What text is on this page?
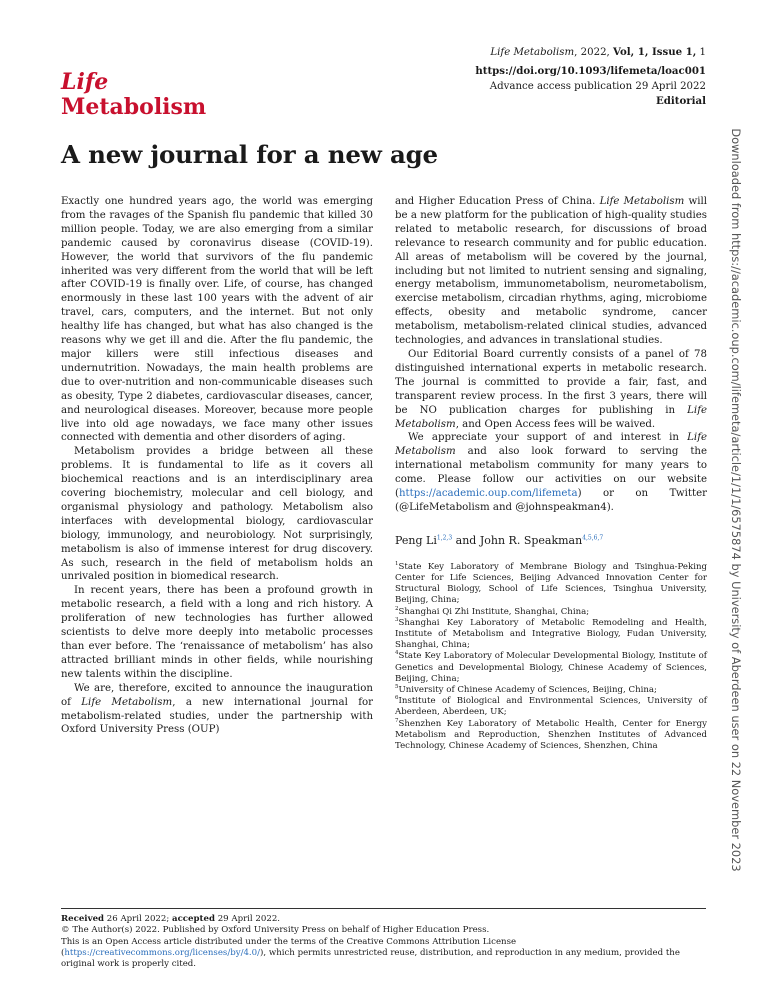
Life
Metabolism
Life Metabolism, 2022, Vol, 1, Issue 1, 1
https://doi.org/10.1093/lifemeta/loac001
Advance access publication 29 April 2022
Editorial
A new journal for a new age

Exactly one hundred years ago, the world was emerging from the ravages of the Spanish flu pandemic that killed 30 million people. Today, we are also emerging from a similar pandemic caused by coronavirus disease (COVID-19). However, the world that survivors of the flu pandemic inherited was very different from the world that will be left after COVID-19 is finally over. Life, of course, has changed enormously in these last 100 years with the advent of air travel, cars, computers, and the internet. But not only healthy life has changed, but what has also changed is the reasons why we get ill and die. After the flu pandemic, the major killers were still infectious diseases and undernutrition. Nowadays, the main health problems are due to over-nutrition and non-communicable diseases such as obesity, Type 2 diabetes, cardiovascular diseases, cancer, and neurological diseases. Moreover, because more people live into old age nowadays, we face many other issues connected with dementia and other disorders of aging.

Metabolism provides a bridge between all these problems. It is fundamental to life as it covers all biochemical reactions and is an interdisciplinary area covering biochemistry, molecular and cell biology, and organismal physiology and pathology. Metabolism also interfaces with developmental biology, cardiovascular biology, immunology, and neurobiology. Not surprisingly, metabolism is also of immense interest for drug discovery. As such, research in the field of metabolism holds an unrivaled position in biomedical research.

In recent years, there has been a profound growth in metabolic research, a field with a long and rich history. A proliferation of new technologies has further allowed scientists to delve more deeply into metabolic processes than ever before. The ‘renaissance of metabolism’ has also attracted brilliant minds in other fields, while nourishing new talents within the discipline.

We are, therefore, excited to announce the inauguration of Life Metabolism, a new international journal for metabolism-related studies, under the partnership with Oxford University Press (OUP)

and Higher Education Press of China. Life Metabolism will be a new platform for the publication of high-quality studies related to metabolic research, for discussions of broad relevance to research community and for public education. All areas of metabolism will be covered by the journal, including but not limited to nutrient sensing and signaling, energy metabolism, immunometabolism, neurometabolism, exercise metabolism, circadian rhythms, aging, microbiome effects, obesity and metabolic syndrome, cancer metabolism, metabolism-related clinical studies, advanced technologies, and advances in translational studies.

Our Editorial Board currently consists of a panel of 78 distinguished international experts in metabolic research. The journal is committed to provide a fair, fast, and transparent review process. In the first 3 years, there will be NO publication charges for publishing in Life Metabolism, and Open Access fees will be waived.

We appreciate your support of and interest in Life Metabolism and also look forward to serving the international metabolism community for many years to come. Please follow our activities on our website (https://academic.oup.com/lifemeta) or on Twitter (@LifeMetabolism and @johnspeakman4).

Peng Li$^{1,2,3}$ and John R. Speakman$^{4,5,6,7}$

$^1$State Key Laboratory of Membrane Biology and Tsinghua-Peking Center for Life Sciences, Beijing Advanced Innovation Center for Structural Biology, School of Life Sciences, Tsinghua University, Beijing, China;
$^2$Shanghai Qi Zhi Institute, Shanghai, China;
$^3$Shanghai Key Laboratory of Metabolic Remodeling and Health, Institute of Metabolism and Integrative Biology, Fudan University, Shanghai, China;
$^4$State Key Laboratory of Molecular Developmental Biology, Institute of Genetics and Developmental Biology, Chinese Academy of Sciences, Beijing, China;
$^5$University of Chinese Academy of Sciences, Beijing, China;
$^6$Institute of Biological and Environmental Sciences, University of Aberdeen, Aberdeen, UK;
$^7$Shenzhen Key Laboratory of Metabolic Health, Center for Energy Metabolism and Reproduction, Shenzhen Institutes of Advanced Technology, Chinese Academy of Sciences, Shenzhen, China	Downloaded from https://academic.oup.com/lifemeta/article/1/1/1/6575874 by University of Aberdeen user on 22 November 2023
Received 26 April 2022; accepted 29 April 2022.
© The Author(s) 2022. Published by Oxford University Press on behalf of Higher Education Press.
This is an Open Access article distributed under the terms of the Creative Commons Attribution License (https://creativecommons.org/licenses/by/4.0/), which permits unrestricted reuse, distribution, and reproduction in any medium, provided the original work is properly cited.
